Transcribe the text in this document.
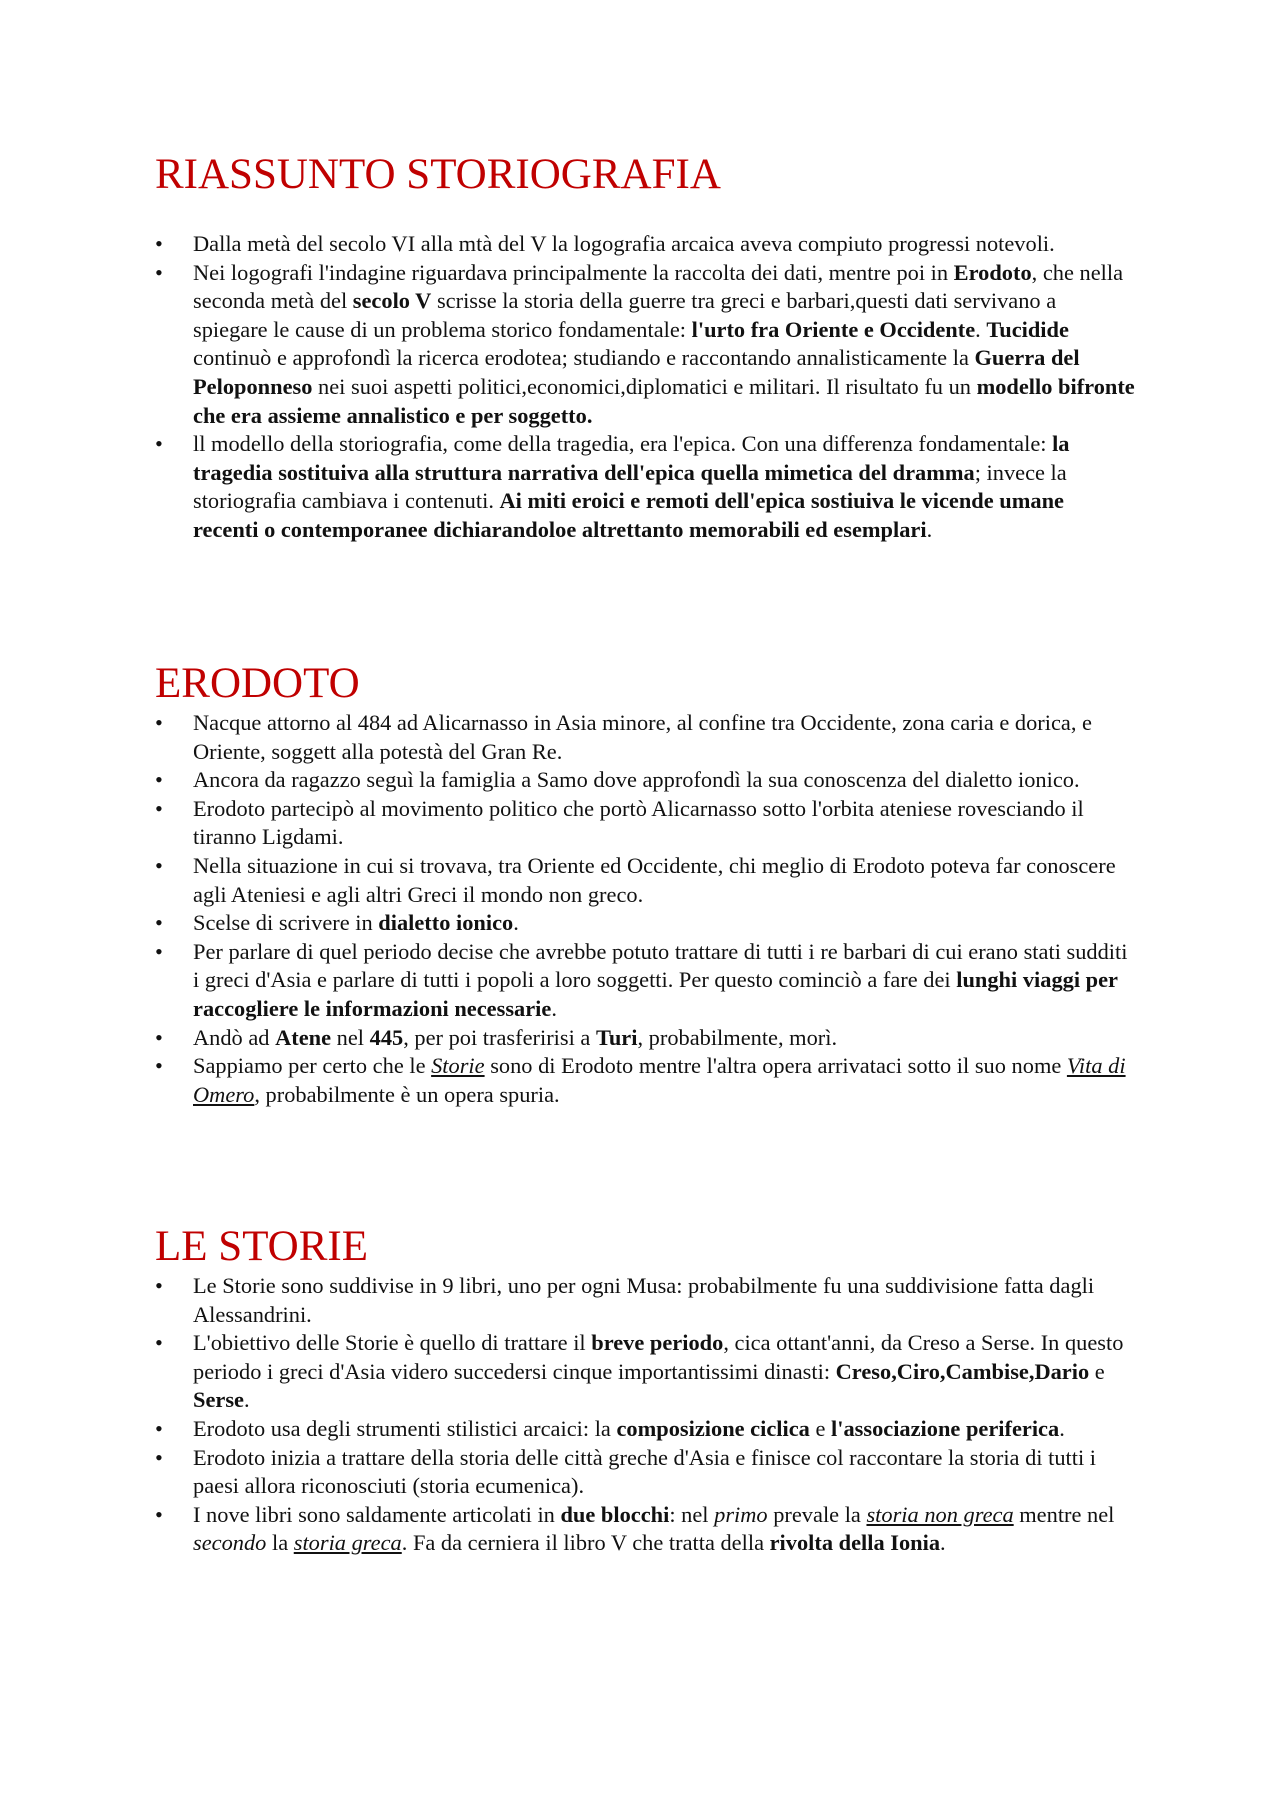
RIASSUNTO STORIOGRAFIA
• Dalla metà del secolo VI alla mtà del V la logografia arcaica aveva compiuto progressi notevoli.
• Nei logografi l'indagine riguardava principalmente la raccolta dei dati, mentre poi in Erodoto, che nella seconda metà del secolo V scrisse la storia della guerre tra greci e barbari,questi dati servivano a spiegare le cause di un problema storico fondamentale: l'urto fra Oriente e Occidente. Tucidide continuò e approfondì la ricerca erodotea; studiando e raccontando annalisticamente la Guerra del Peloponneso nei suoi aspetti politici,economici,diplomatici e militari. Il risultato fu un modello bifronte che era assieme annalistico e per soggetto.
• ll modello della storiografia, come della tragedia, era l'epica. Con una differenza fondamentale: la tragedia sostituiva alla struttura narrativa dell'epica quella mimetica del dramma; invece la storiografia cambiava i contenuti. Ai miti eroici e remoti dell'epica sostiuiva le vicende umane recenti o contemporanee dichiarandoloe altrettanto memorabili ed esemplari.
ERODOTO
• Nacque attorno al 484 ad Alicarnasso in Asia minore, al confine tra Occidente, zona caria e dorica, e Oriente, soggett alla potestà del Gran Re.
• Ancora da ragazzo seguì la famiglia a Samo dove approfondì la sua conoscenza del dialetto ionico.
• Erodoto partecipò al movimento politico che portò Alicarnasso sotto l'orbita ateniese rovesciando il tiranno Ligdami.
• Nella situazione in cui si trovava, tra Oriente ed Occidente, chi meglio di Erodoto poteva far conoscere agli Ateniesi e agli altri Greci il mondo non greco.
• Scelse di scrivere in dialetto ionico.
• Per parlare di quel periodo decise che avrebbe potuto trattare di tutti i re barbari di cui erano stati sudditi i greci d'Asia e parlare di tutti i popoli a loro soggetti. Per questo cominciò a fare dei lunghi viaggi per raccogliere le informazioni necessarie.
• Andò ad Atene nel 445, per poi trasferirisi a Turi, probabilmente, morì.
• Sappiamo per certo che le Storie sono di Erodoto mentre l'altra opera arrivataci sotto il suo nome Vita di Omero, probabilmente è un opera spuria.
LE STORIE
• Le Storie sono suddivise in 9 libri, uno per ogni Musa: probabilmente fu una suddivisione fatta dagli Alessandrini.
• L'obiettivo delle Storie è quello di trattare il breve periodo, cica ottant'anni, da Creso a Serse. In questo periodo i greci d'Asia videro succedersi cinque importantissimi dinasti: Creso,Ciro,Cambise,Dario e Serse.
• Erodoto usa degli strumenti stilistici arcaici: la composizione ciclica e l'associazione periferica.
• Erodoto inizia a trattare della storia delle città greche d'Asia e finisce col raccontare la storia di tutti i paesi allora riconosciuti (storia ecumenica).
• I nove libri sono saldamente articolati in due blocchi: nel primo prevale la storia non greca mentre nel secondo la storia greca. Fa da cerniera il libro V che tratta della rivolta della Ionia.
